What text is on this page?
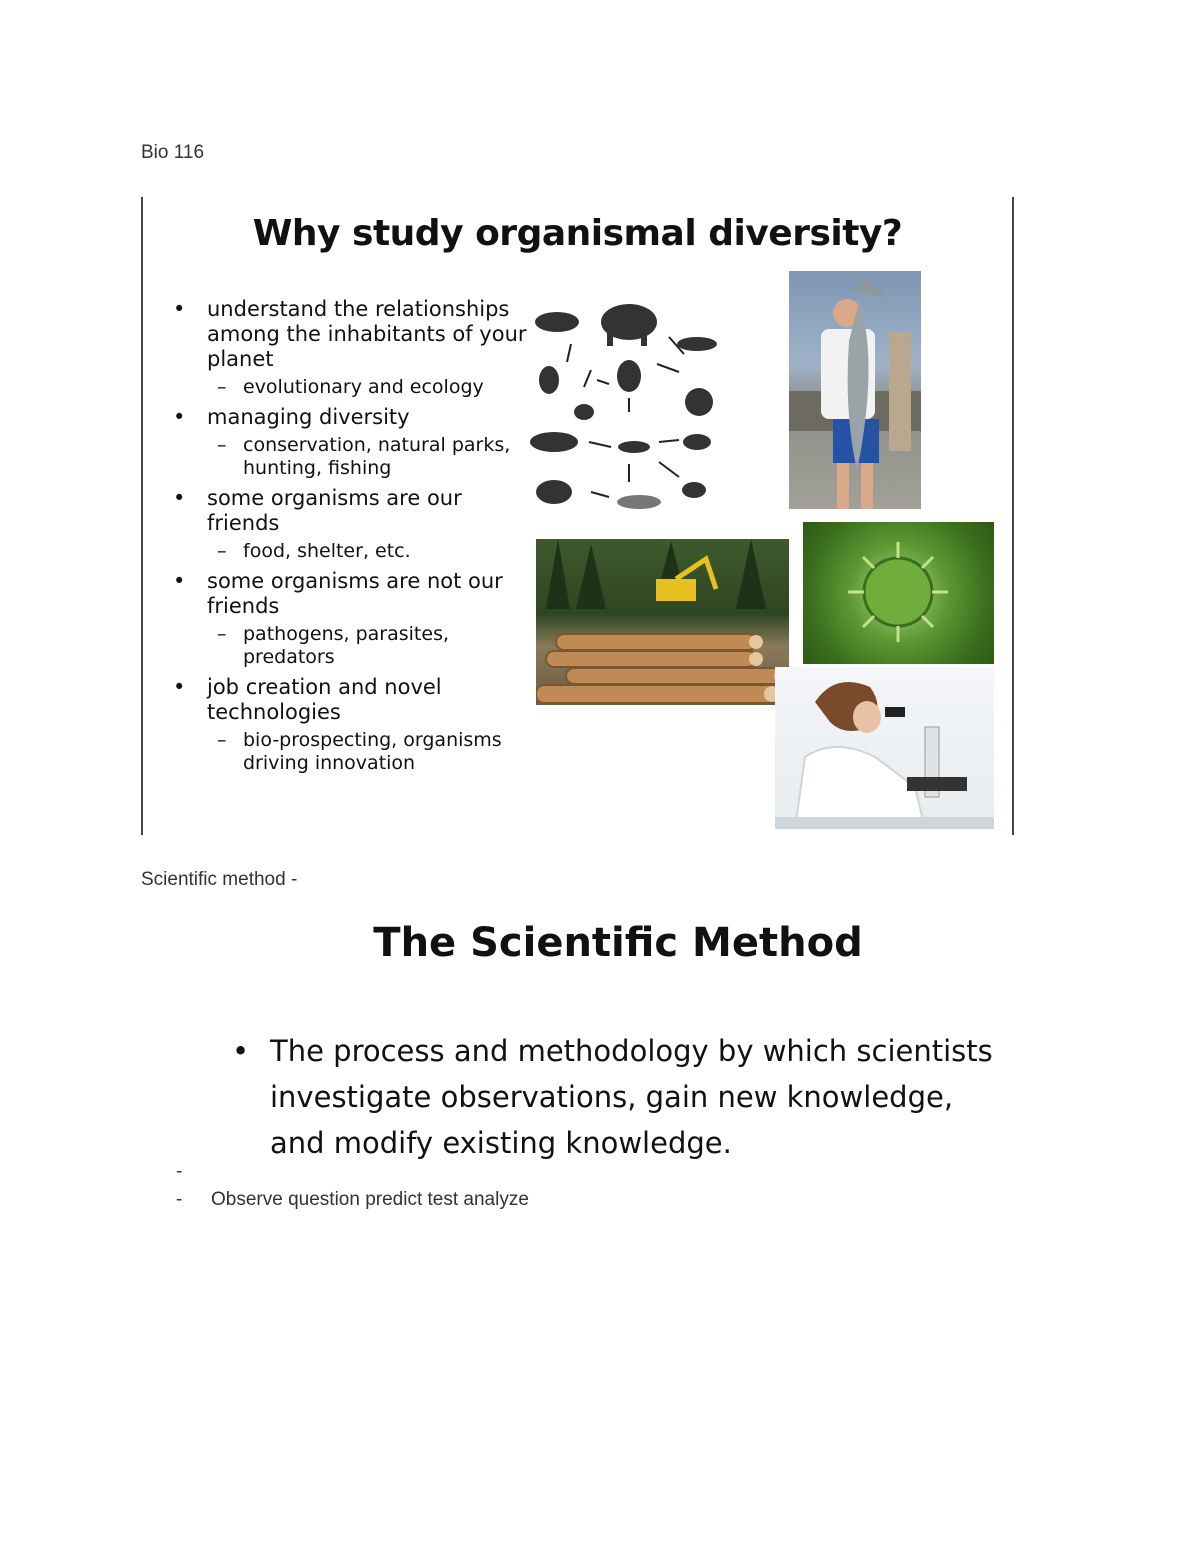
Bio 116
Why study organismal diversity?
• understand the relationships among the inhabitants of your planet
– evolutionary and ecology
• managing diversity
– conservation, natural parks, hunting, fishing
• some organisms are our friends
– food, shelter, etc.
• some organisms are not our friends
– pathogens, parasites, predators
• job creation and novel technologies
– bio-prospecting, organisms driving innovation
Scientific method -
The Scientific Method
• The process and methodology by which scientists investigate observations, gain new knowledge, and modify existing knowledge.
-
- Observe question predict test analyze
